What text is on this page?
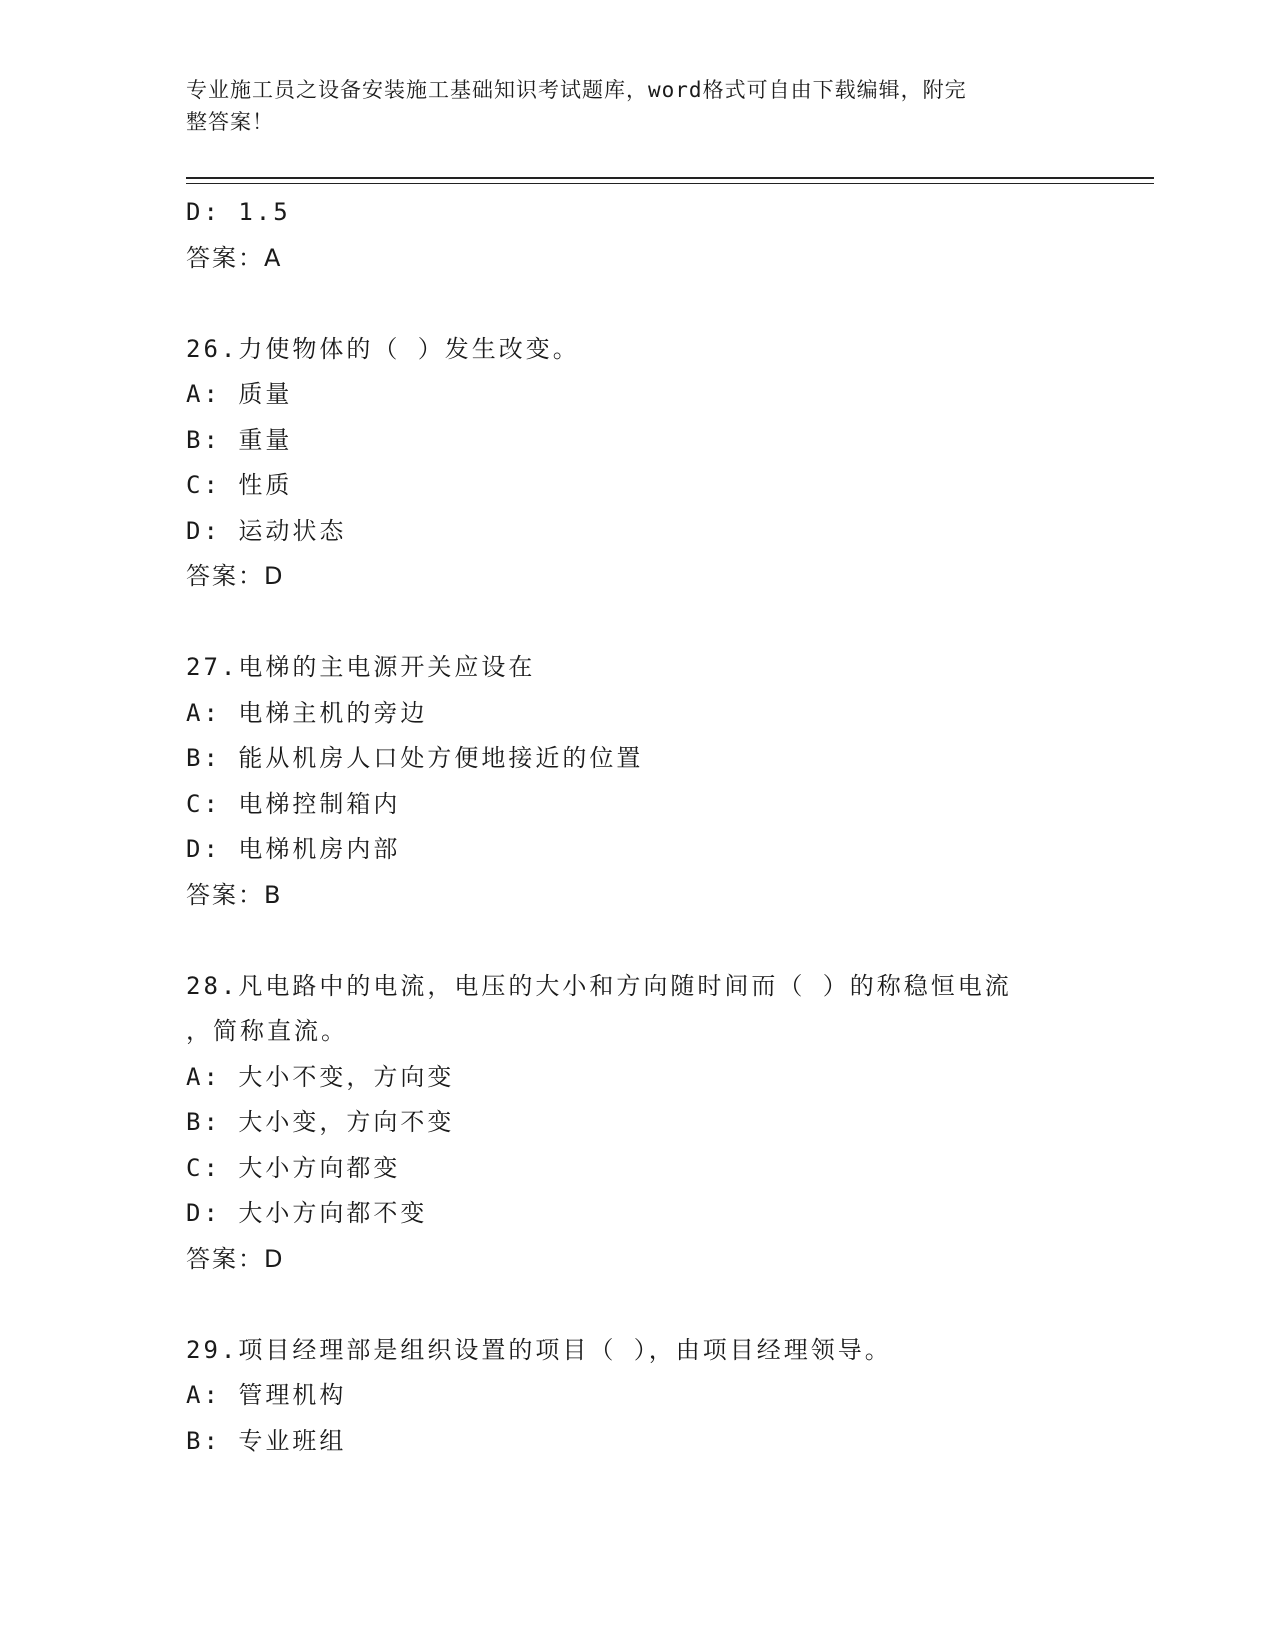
专业施工员之设备安装施工基础知识考试题库，word格式可自由下载编辑，附完
整答案！
D: 1.5
答案：A
26.力使物体的（ ）发生改变。
A: 质量
B: 重量
C: 性质
D: 运动状态
答案：D
27.电梯的主电源开关应设在
A: 电梯主机的旁边
B: 能从机房人口处方便地接近的位置
C: 电梯控制箱内
D: 电梯机房内部
答案：B
28.凡电路中的电流，电压的大小和方向随时间而（ ）的称稳恒电流
，简称直流。
A: 大小不变，方向变
B: 大小变，方向不变
C: 大小方向都变
D: 大小方向都不变
答案：D
29.项目经理部是组织设置的项目（ ），由项目经理领导。
A: 管理机构
B: 专业班组
